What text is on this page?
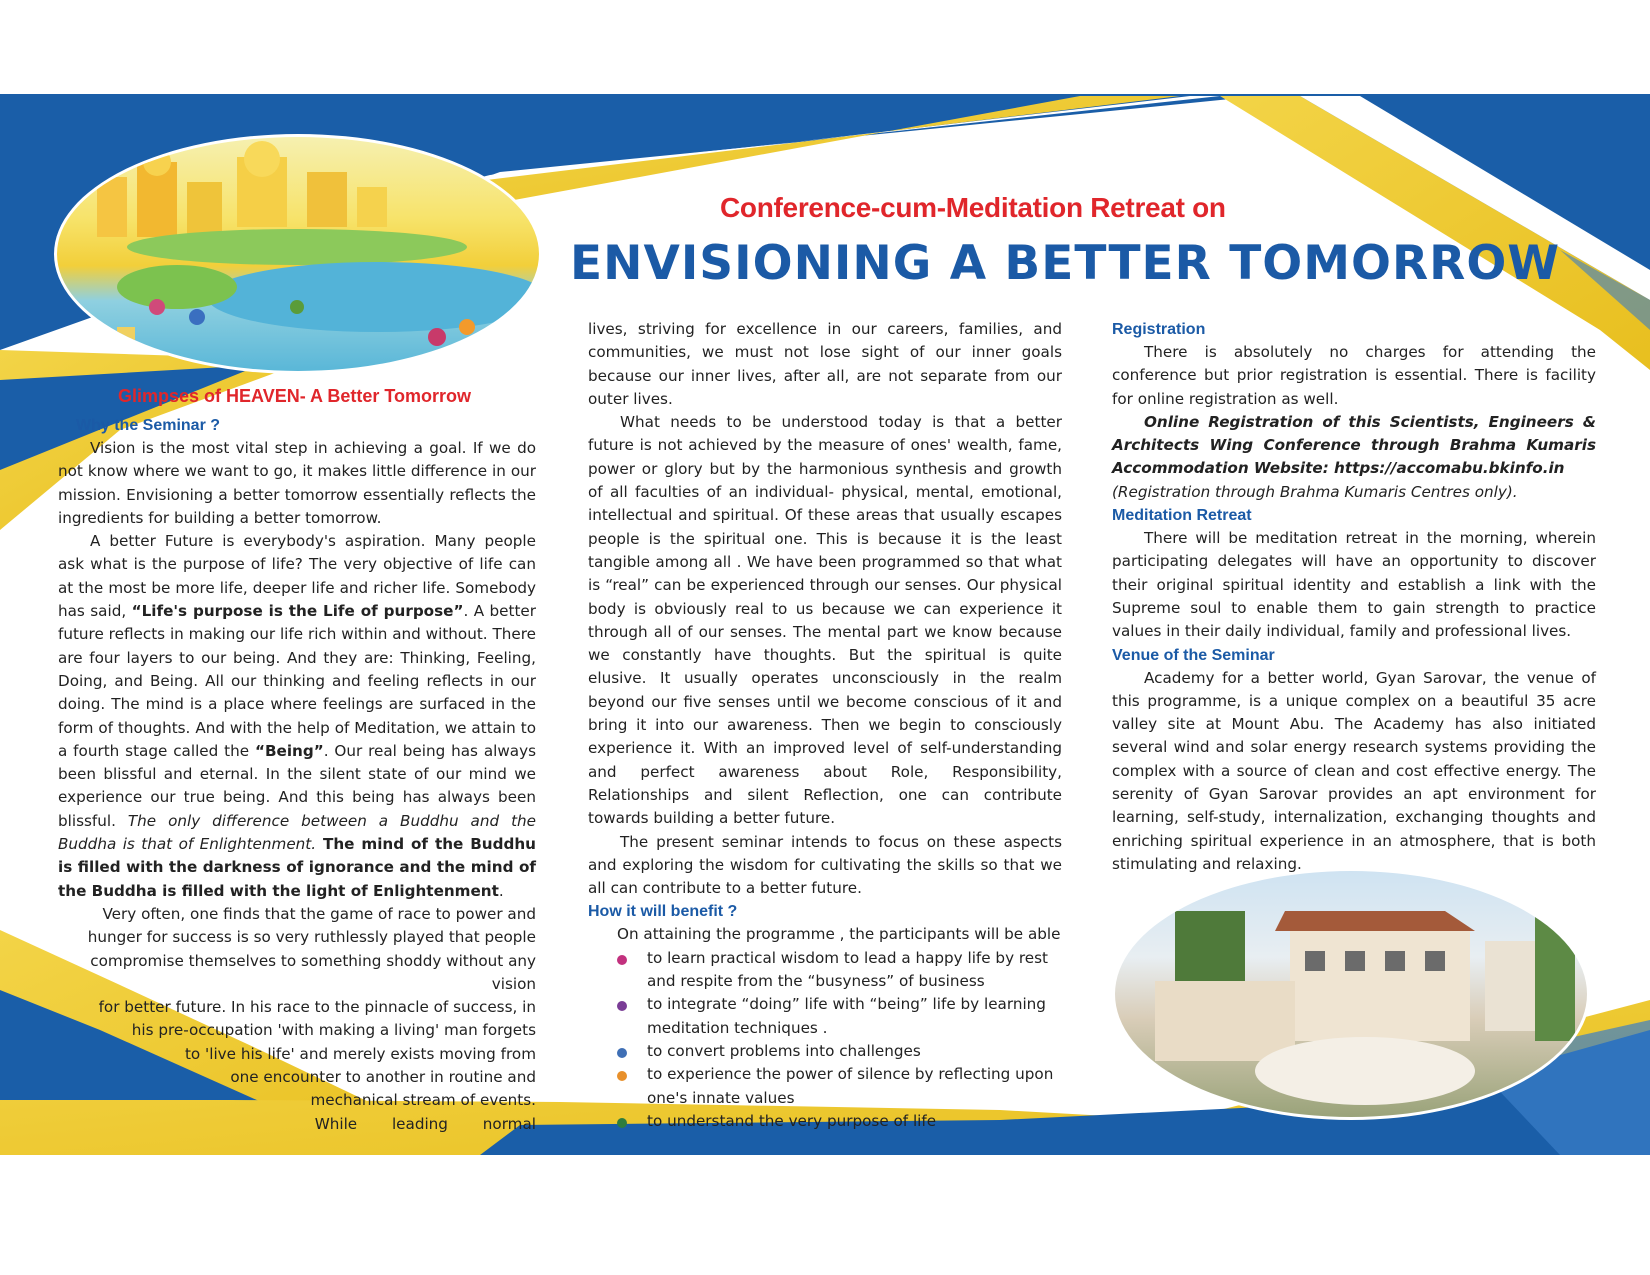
Conference-cum-Meditation Retreat on
ENVISIONING A BETTER TOMORROW
Glimpses of HEAVEN- A Better Tomorrow

Why the Seminar ?

Vision is the most vital step in achieving a goal. If we do not know where we want to go, it makes little difference in our mission. Envisioning a better tomorrow essentially reflects the ingredients for building a better tomorrow.

A better Future is everybody's aspiration. Many people ask what is the purpose of life? The very objective of life can at the most be more life, deeper life and richer life. Somebody has said, “Life's purpose is the Life of purpose”. A better future reflects in making our life rich within and without. There are four layers to our being. And they are: Thinking, Feeling, Doing, and Being. All our thinking and feeling reflects in our doing. The mind is a place where feelings are surfaced in the form of thoughts. And with the help of Meditation, we attain to a fourth stage called the “Being”. Our real being has always been blissful and eternal. In the silent state of our mind we experience our true being. And this being has always been blissful. The only difference between a Buddhu and the Buddha is that of Enlightenment. The mind of the Buddhu is filled with the darkness of ignorance and the mind of the Buddha is filled with the light of Enlightenment.

Very often, one finds that the game of race to power and
hunger for success is so very ruthlessly played that people
compromise themselves to something shoddy without any vision
for better future. In his race to the pinnacle of success, in
his pre-occupation 'with making a living' man forgets
to 'live his life' and merely exists moving from
one encounter to another in routine and
mechanical stream of events.
While leading normal

lives, striving for excellence in our careers, families, and communities, we must not lose sight of our inner goals because our inner lives, after all, are not separate from our outer lives.

What needs to be understood today is that a better future is not achieved by the measure of ones' wealth, fame, power or glory but by the harmonious synthesis and growth of all faculties of an individual- physical, mental, emotional, intellectual and spiritual. Of these areas that usually escapes people is the spiritual one. This is because it is the least tangible among all . We have been programmed so that what is “real” can be experienced through our senses. Our physical body is obviously real to us because we can experience it through all of our senses. The mental part we know because we constantly have thoughts. But the spiritual is quite elusive. It usually operates unconsciously in the realm beyond our five senses until we become conscious of it and bring it into our awareness. Then we begin to consciously experience it. With an improved level of self-understanding and perfect awareness about Role, Responsibility, Relationships and silent Reflection, one can contribute towards building a better future.

The present seminar intends to focus on these aspects and exploring the wisdom for cultivating the skills so that we all can contribute to a better future.

How it will benefit ?

On attaining the programme , the participants will be able

to learn practical wisdom to lead a happy life by rest and respite from the “busyness” of business
to integrate “doing” life with “being” life by learning meditation techniques .
to convert problems into challenges
to experience the power of silence by reflecting upon one's innate values
to understand the very purpose of life

Registration

There is absolutely no charges for attending the conference but prior registration is essential. There is facility for online registration as well.

Online Registration of this Scientists, Engineers & Architects Wing Conference through Brahma Kumaris Accommodation Website: https://accomabu.bkinfo.in

(Registration through Brahma Kumaris Centres only).

Meditation Retreat

There will be meditation retreat in the morning, wherein participating delegates will have an opportunity to discover their original spiritual identity and establish a link with the Supreme soul to enable them to gain strength to practice values in their daily individual, family and professional lives.

Venue of the Seminar

Academy for a better world, Gyan Sarovar, the venue of this programme, is a unique complex on a beautiful 35 acre valley site at Mount Abu. The Academy has also initiated several wind and solar energy research systems providing the complex with a source of clean and cost effective energy. The serenity of Gyan Sarovar provides an apt environment for learning, self-study, internalization, exchanging thoughts and enriching spiritual experience in an atmosphere, that is both stimulating and relaxing.
